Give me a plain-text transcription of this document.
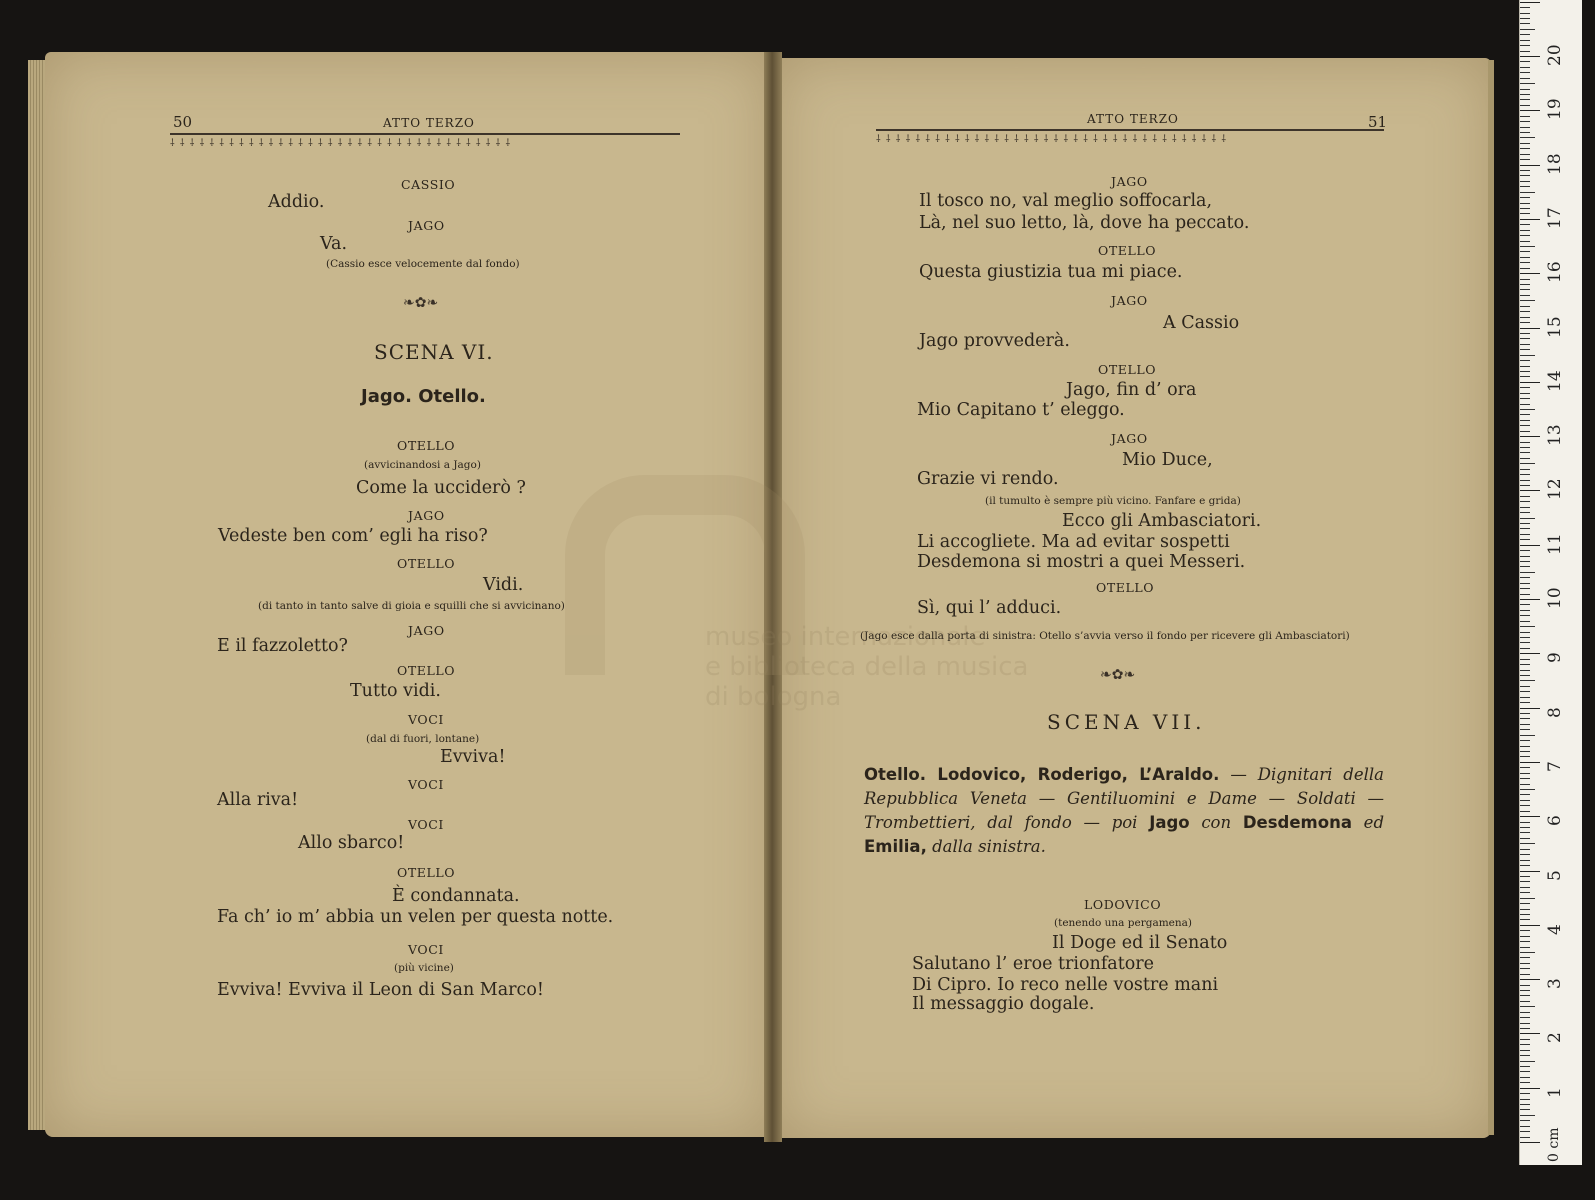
museo internazionale
e biblioteca della musica
di bologna
50	ATTO TERZO
⸸ ⸸ ⸸ ⸸ ⸸ ⸸ ⸸ ⸸ ⸸ ⸸ ⸸ ⸸ ⸸ ⸸ ⸸ ⸸ ⸸ ⸸ ⸸ ⸸ ⸸ ⸸ ⸸ ⸸ ⸸ ⸸ ⸸ ⸸ ⸸ ⸸ ⸸ ⸸ ⸸ ⸸ ⸸
CASSIO
Addio.
JAGO
Va.
(Cassio esce velocemente dal fondo)
❧✿❧
SCENA VI.
Jago. Otello.
OTELLO
(avvicinandosi a Jago)
Come la ucciderò ?
JAGO
Vedeste ben com’ egli ha riso?
OTELLO
Vidi.
(di tanto in tanto salve di gioia e squilli che si avvicinano)
JAGO
E il fazzoletto?
OTELLO
Tutto vidi.
VOCI
(dal di fuori, lontane)
Evviva!
VOCI
Alla riva!
VOCI
Allo sbarco!
OTELLO
È condannata.
Fa ch’ io m’ abbia un velen per questa notte.
VOCI
(più vicine)
Evviva! Evviva il Leon di San Marco!
ATTO TERZO	51
⸸ ⸸ ⸸ ⸸ ⸸ ⸸ ⸸ ⸸ ⸸ ⸸ ⸸ ⸸ ⸸ ⸸ ⸸ ⸸ ⸸ ⸸ ⸸ ⸸ ⸸ ⸸ ⸸ ⸸ ⸸ ⸸ ⸸ ⸸ ⸸ ⸸ ⸸ ⸸ ⸸ ⸸ ⸸ ⸸
JAGO
Il tosco no, val meglio soffocarla,
Là, nel suo letto, là, dove ha peccato.
OTELLO
Questa giustizia tua mi piace.
JAGO
A Cassio
Jago provvederà.
OTELLO
Jago, fin d’ ora
Mio Capitano t’ eleggo.
JAGO
Mio Duce,
Grazie vi rendo.
(il tumulto è sempre più vicino. Fanfare e grida)
Ecco gli Ambasciatori.
Li accogliete. Ma ad evitar sospetti
Desdemona si mostri a quei Messeri.
OTELLO
Sì, qui l’ adduci.
(Jago esce dalla porta di sinistra: Otello s’avvia verso il fondo per ricevere gli Ambasciatori)
❧✿❧
SCENA VII.
Otello. Lodovico, Roderigo, L’Araldo. — Dignitari della Repubblica Veneta — Gentiluomini e Dame — Soldati — Trombettieri, dal fondo — poi Jago con Desdemona ed Emilia, dalla sinistra.
LODOVICO
(tenendo una pergamena)
Il Doge ed il Senato
Salutano l’ eroe trionfatore
Di Cipro. Io reco nelle vostre mani
Il messaggio dogale.
0 cm
1
2
3
4
5
6
7
8
9
10
11
12
13
14
15
16
17
18
19
20
